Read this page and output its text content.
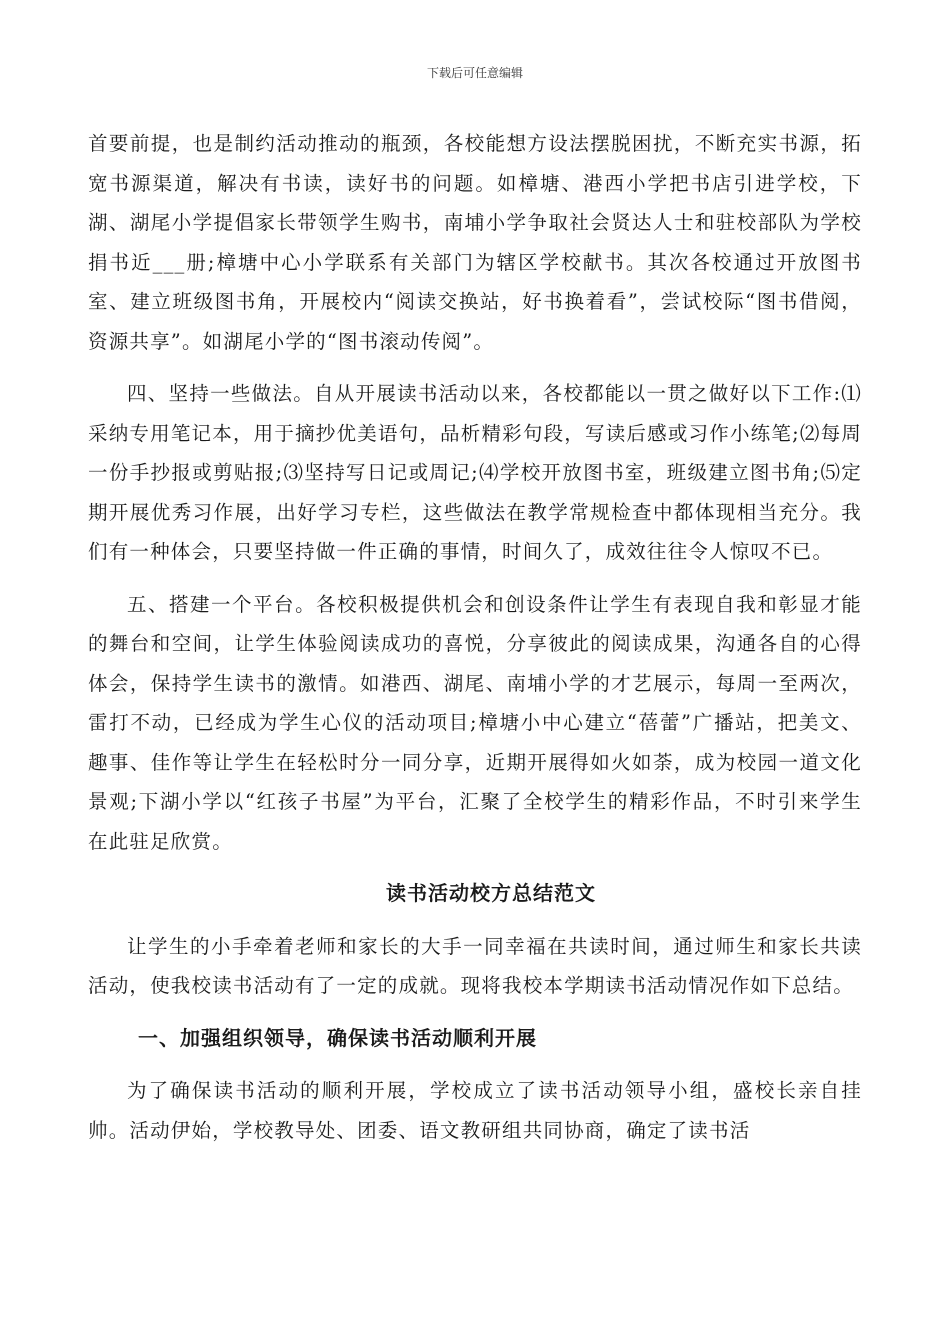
下载后可任意编辑

首要前提，也是制约活动推动的瓶颈，各校能想方设法摆脱困扰，不断充实书源，拓宽书源渠道，解决有书读，读好书的问题。如樟塘、港西小学把书店引进学校，下湖、湖尾小学提倡家长带领学生购书，南埔小学争取社会贤达人士和驻校部队为学校捐书近___册;樟塘中心小学联系有关部门为辖区学校献书。其次各校通过开放图书室、建立班级图书角，开展校内“阅读交换站，好书换着看”，尝试校际“图书借阅，资源共享”。如湖尾小学的“图书滚动传阅”。

四、坚持一些做法。自从开展读书活动以来，各校都能以一贯之做好以下工作:⑴采纳专用笔记本，用于摘抄优美语句，品析精彩句段，写读后感或习作小练笔;⑵每周一份手抄报或剪贴报;⑶坚持写日记或周记;⑷学校开放图书室，班级建立图书角;⑸定期开展优秀习作展，出好学习专栏，这些做法在教学常规检查中都体现相当充分。我们有一种体会，只要坚持做一件正确的事情，时间久了，成效往往令人惊叹不已。

五、搭建一个平台。各校积极提供机会和创设条件让学生有表现自我和彰显才能的舞台和空间，让学生体验阅读成功的喜悦，分享彼此的阅读成果，沟通各自的心得体会，保持学生读书的激情。如港西、湖尾、南埔小学的才艺展示，每周一至两次，雷打不动，已经成为学生心仪的活动项目;樟塘小中心建立“蓓蕾”广播站，把美文、趣事、佳作等让学生在轻松时分一同分享，近期开展得如火如荼，成为校园一道文化景观;下湖小学以“红孩子书屋”为平台，汇聚了全校学生的精彩作品，不时引来学生在此驻足欣赏。

读书活动校方总结范文

让学生的小手牵着老师和家长的大手一同幸福在共读时间，通过师生和家长共读活动，使我校读书活动有了一定的成就。现将我校本学期读书活动情况作如下总结。

一、加强组织领导，确保读书活动顺利开展

为了确保读书活动的顺利开展，学校成立了读书活动领导小组，盛校长亲自挂帅。活动伊始，学校教导处、团委、语文教研组共同协商，确定了读书活
